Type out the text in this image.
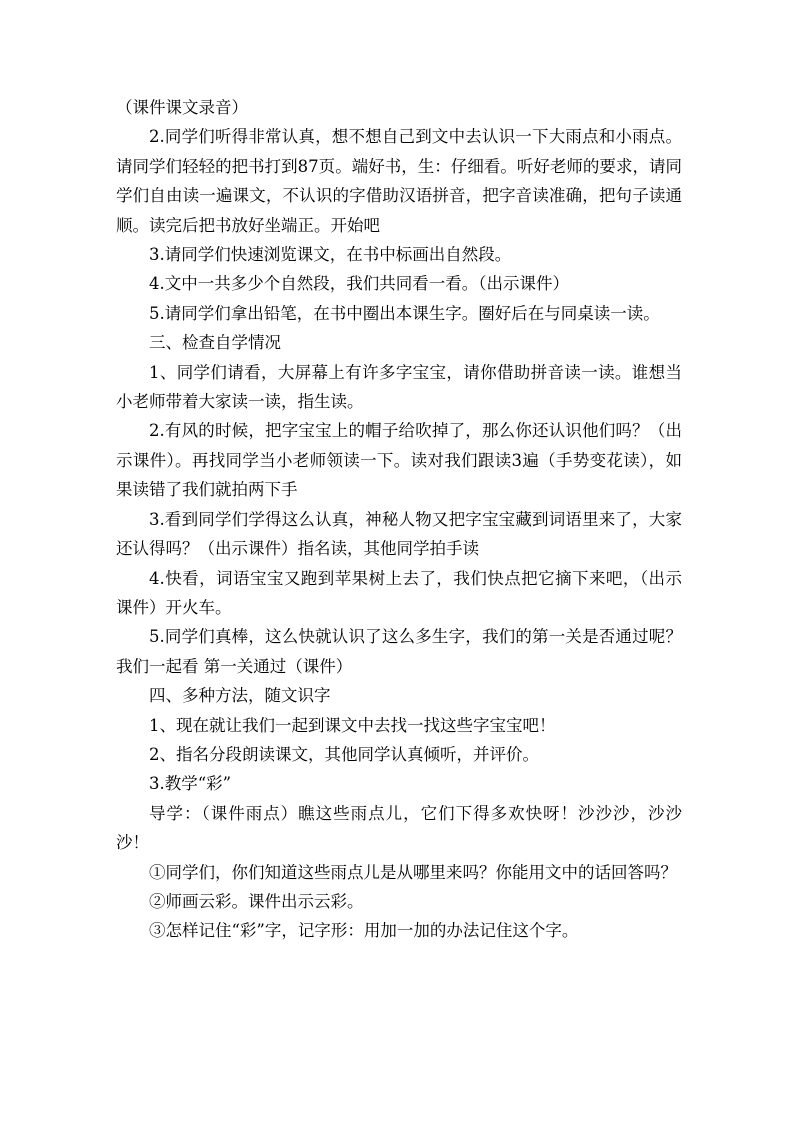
（课件课文录音）

2.同学们听得非常认真，想不想自己到文中去认识一下大雨点和小雨点。请同学们轻轻的把书打到87页。端好书，生：仔细看。听好老师的要求，请同学们自由读一遍课文，不认识的字借助汉语拼音，把字音读准确，把句子读通顺。读完后把书放好坐端正。开始吧

3.请同学们快速浏览课文，在书中标画出自然段。

4.文中一共多少个自然段，我们共同看一看。（出示课件）

5.请同学们拿出铅笔，在书中圈出本课生字。圈好后在与同桌读一读。

三、检查自学情况

1、同学们请看，大屏幕上有许多字宝宝，请你借助拼音读一读。谁想当小老师带着大家读一读，指生读。

2.有风的时候，把字宝宝上的帽子给吹掉了，那么你还认识他们吗？（出示课件）。再找同学当小老师领读一下。读对我们跟读3遍（手势变花读），如果读错了我们就拍两下手

3.看到同学们学得这么认真，神秘人物又把字宝宝藏到词语里来了，大家还认得吗？（出示课件）指名读，其他同学拍手读

4.快看，词语宝宝又跑到苹果树上去了，我们快点把它摘下来吧，（出示课件）开火车。

5.同学们真棒，这么快就认识了这么多生字，我们的第一关是否通过呢？我们一起看 第一关通过（课件）

四、多种方法，随文识字

1、现在就让我们一起到课文中去找一找这些字宝宝吧！

2、指名分段朗读课文，其他同学认真倾听，并评价。

3.教学“彩”

导学：（课件雨点）瞧这些雨点儿，它们下得多欢快呀！沙沙沙，沙沙沙！

①同学们，你们知道这些雨点儿是从哪里来吗？你能用文中的话回答吗？

②师画云彩。课件出示云彩。

③怎样记住“彩”字，记字形：用加一加的办法记住这个字。
